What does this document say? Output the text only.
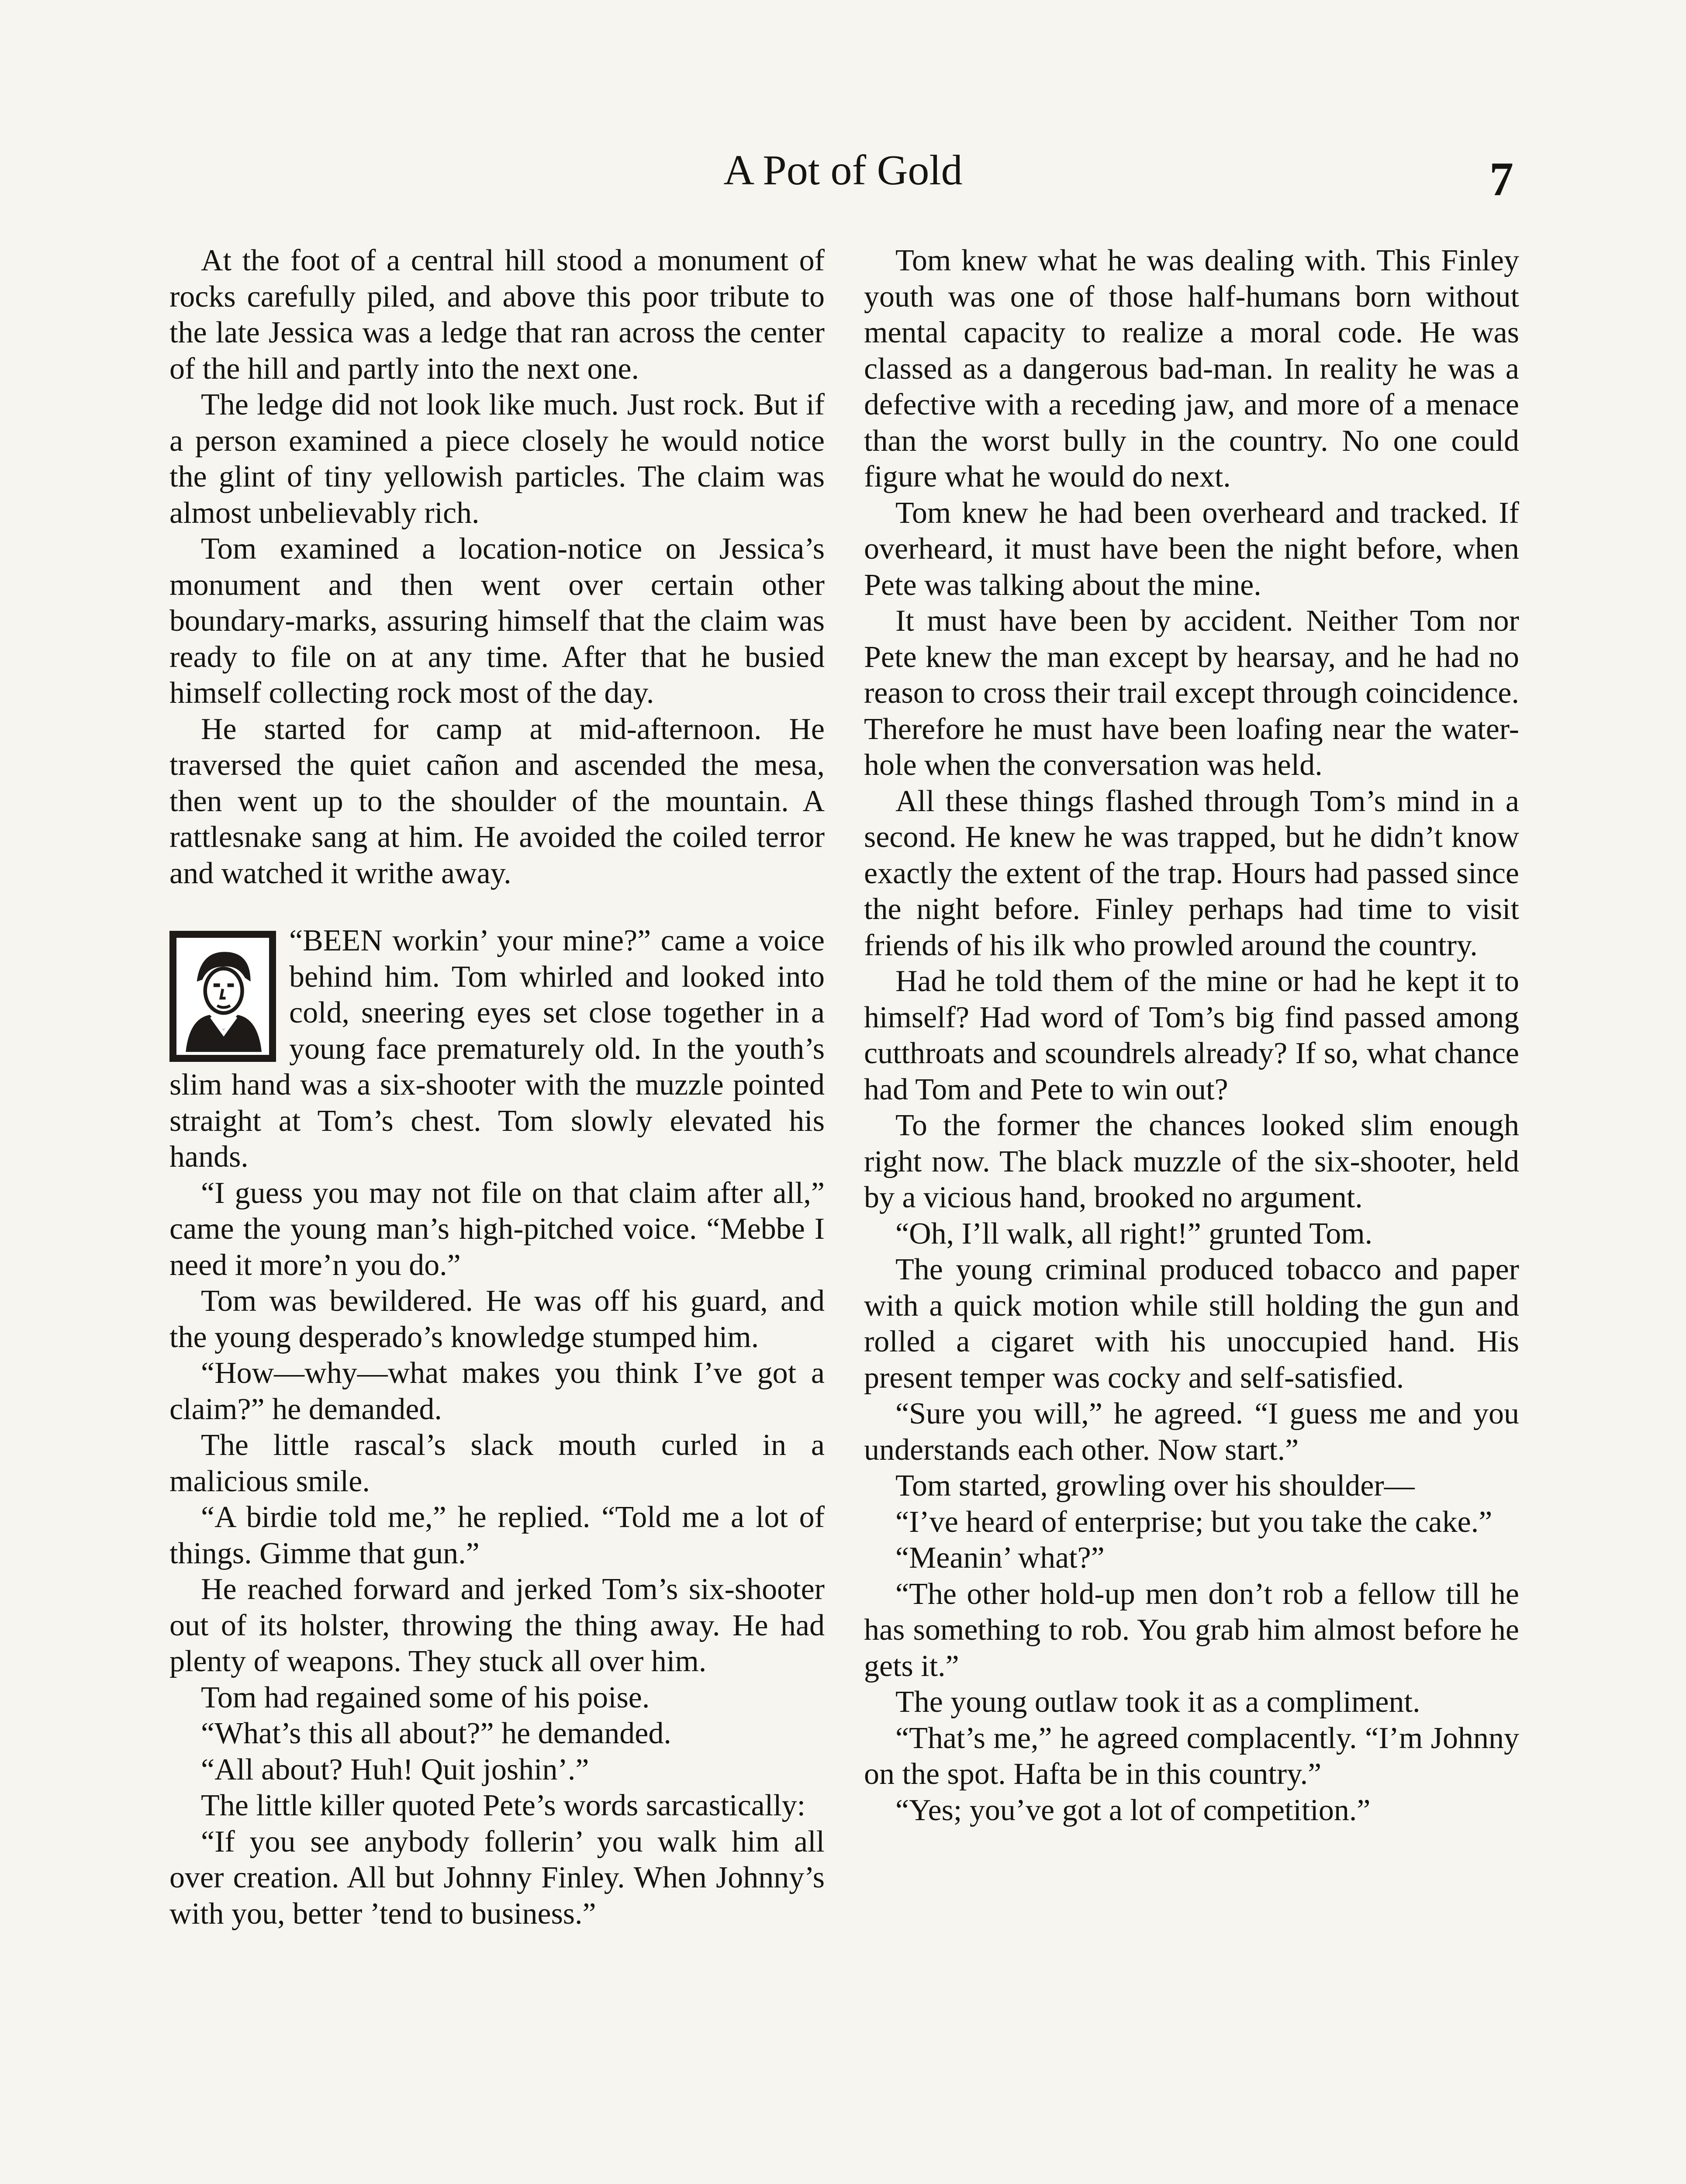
A Pot of Gold	7

At the foot of a central hill stood a monument of rocks carefully piled, and above this poor tribute to the late Jessica was a ledge that ran across the center of the hill and partly into the next one.

The ledge did not look like much. Just rock. But if a person examined a piece closely he would notice the glint of tiny yellowish particles. The claim was almost unbelievably rich.

Tom examined a location-notice on Jessica’s monument and then went over certain other boundary-marks, assuring himself that the claim was ready to file on at any time. After that he busied himself collecting rock most of the day.

He started for camp at mid-afternoon. He traversed the quiet cañon and ascended the mesa, then went up to the shoulder of the mountain. A rattlesnake sang at him. He avoided the coiled terror and watched it writhe away.

“BEEN workin’ your mine?” came a voice behind him. Tom whirled and looked into cold, sneering eyes set close together in a young face prematurely old. In the youth’s slim hand was a six-shooter with the muzzle pointed straight at Tom’s chest. Tom slowly elevated his hands.

“I guess you may not file on that claim after all,” came the young man’s high-pitched voice. “Mebbe I need it more’n you do.”

Tom was bewildered. He was off his guard, and the young desperado’s knowledge stumped him.

“How—why—what makes you think I’ve got a claim?” he demanded.

The little rascal’s slack mouth curled in a malicious smile.

“A birdie told me,” he replied. “Told me a lot of things. Gimme that gun.”

He reached forward and jerked Tom’s six-shooter out of its holster, throwing the thing away. He had plenty of weapons. They stuck all over him.

Tom had regained some of his poise.

“What’s this all about?” he demanded.

“All about? Huh! Quit joshin’.”

The little killer quoted Pete’s words sarcastically:

“If you see anybody follerin’ you walk him all over creation. All but Johnny Finley. When Johnny’s with you, better ’tend to business.”

Tom knew what he was dealing with. This Finley youth was one of those half-humans born without mental capacity to realize a moral code. He was classed as a dangerous bad-man. In reality he was a defective with a receding jaw, and more of a menace than the worst bully in the country. No one could figure what he would do next.

Tom knew he had been overheard and tracked. If overheard, it must have been the night before, when Pete was talking about the mine.

It must have been by accident. Neither Tom nor Pete knew the man except by hearsay, and he had no reason to cross their trail except through coincidence. Therefore he must have been loafing near the water-hole when the conversation was held.

All these things flashed through Tom’s mind in a second. He knew he was trapped, but he didn’t know exactly the extent of the trap. Hours had passed since the night before. Finley perhaps had time to visit friends of his ilk who prowled around the country.

Had he told them of the mine or had he kept it to himself? Had word of Tom’s big find passed among cutthroats and scoundrels already? If so, what chance had Tom and Pete to win out?

To the former the chances looked slim enough right now. The black muzzle of the six-shooter, held by a vicious hand, brooked no argument.

“Oh, I’ll walk, all right!” grunted Tom.

The young criminal produced tobacco and paper with a quick motion while still holding the gun and rolled a cigaret with his unoccupied hand. His present temper was cocky and self-satisfied.

“Sure you will,” he agreed. “I guess me and you understands each other. Now start.”

Tom started, growling over his shoulder—

“I’ve heard of enterprise; but you take the cake.”

“Meanin’ what?”

“The other hold-up men don’t rob a fellow till he has something to rob. You grab him almost before he gets it.”

The young outlaw took it as a compliment.

“That’s me,” he agreed complacently. “I’m Johnny on the spot. Hafta be in this country.”

“Yes; you’ve got a lot of competition.”
